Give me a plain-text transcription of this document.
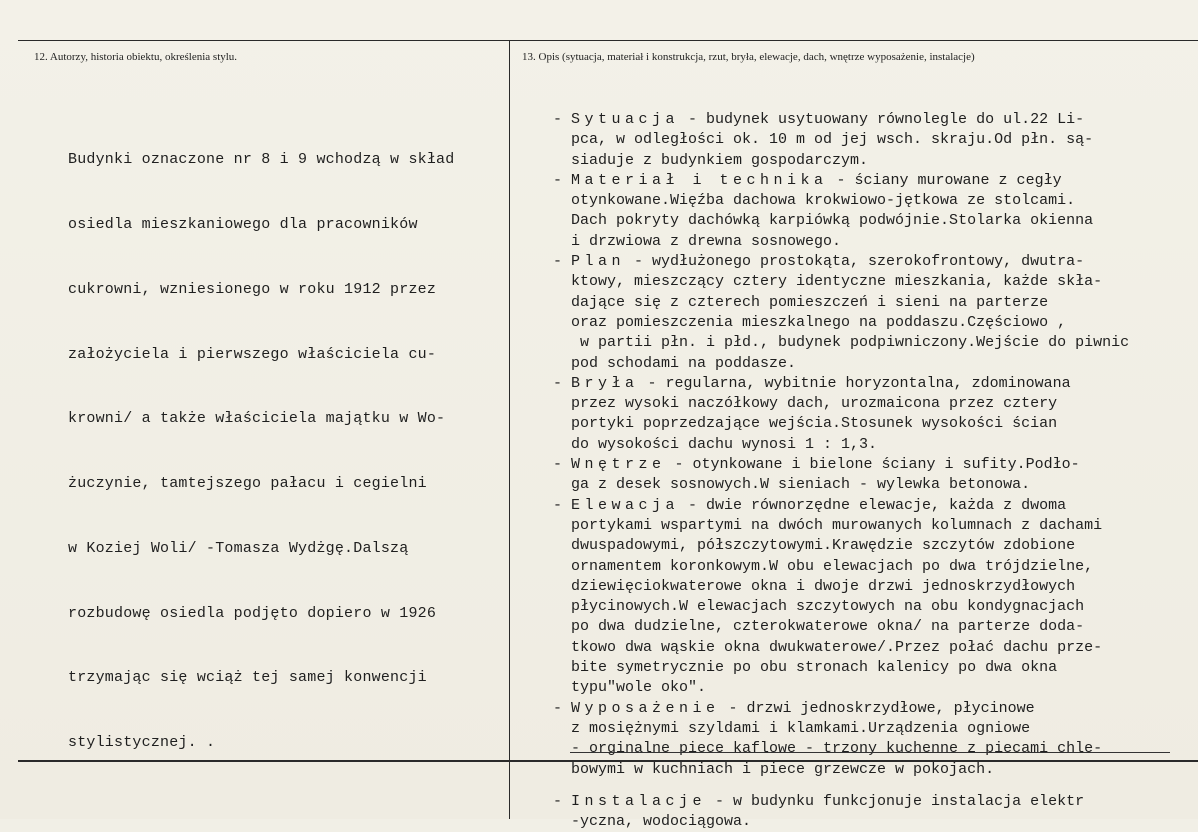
12. Autorzy, historia obiektu, określenia stylu.	13. Opis (sytuacja, materiał i konstrukcja, rzut, bryła, elewacje, dach, wnętrze wyposażenie, instalacje)

Budynki oznaczone nr 8 i 9 wchodzą w skład

osiedla mieszkaniowego dla pracowników

cukrowni, wzniesionego w roku 1912 przez

założyciela i pierwszego właściciela cu-

krowni/ a także właściciela majątku w Wo-

żuczynie, tamtejszego pałacu i cegielni

w Koziej Woli/ -Tomasza Wydżgę.Dalszą

rozbudowę osiedla podjęto dopiero w 1926

trzymając się wciąż tej samej konwencji

stylistycznej. .

- Sytuacja - budynek usytuowany równolegle do ul.22 Li-
pca, w odległości ok. 10 m od jej wsch. skraju.Od płn. są-
siaduje z budynkiem gospodarczym.
- Materiał i technika - ściany murowane z cegły
otynkowane.Więźba dachowa krokwiowo-jętkowa ze stolcami.
Dach pokryty dachówką karpiówką podwójnie.Stolarka okienna
i drzwiowa z drewna sosnowego.
- Plan - wydłużonego prostokąta, szerokofrontowy, dwutra-
ktowy, mieszczący cztery identyczne mieszkania, każde skła-
dające się z czterech pomieszczeń i sieni na parterze
oraz pomieszczenia mieszkalnego na poddaszu.Częściowo ,
w partii płn. i płd., budynek podpiwniczony.Wejście do piwnic
pod schodami na poddasze.
- Bryła - regularna, wybitnie horyzontalna, zdominowana
przez wysoki naczółkowy dach, urozmaicona przez cztery
portyki poprzedzające wejścia.Stosunek wysokości ścian
do wysokości dachu wynosi 1 : 1,3.
- Wnętrze - otynkowane i bielone ściany i sufity.Podło-
ga z desek sosnowych.W sieniach - wylewka betonowa.
- Elewacja - dwie równorzędne elewacje, każda z dwoma
portykami wspartymi na dwóch murowanych kolumnach z dachami
dwuspadowymi, półszczytowymi.Krawędzie szczytów zdobione
ornamentem koronkowym.W obu elewacjach po dwa trójdzielne,
dziewięciokwaterowe okna i dwoje drzwi jednoskrzydłowych
płycinowych.W elewacjach szczytowych na obu kondygnacjach
po dwa dudzielne, czterokwaterowe okna/ na parterze doda-
tkowo dwa wąskie okna dwukwaterowe/.Przez połać dachu prze-
bite symetrycznie po obu stronach kalenicy po dwa okna
typu"wole oko".
- Wyposażenie - drzwi jednoskrzydłowe, płycinowe
z mosiężnymi szyldami i klamkami.Urządzenia ogniowe
- orginalne piece kaflowe - trzony kuchenne z piecami chle-
bowymi w kuchniach i piece grzewcze w pokojach.
- Instalacje - w budynku funkcjonuje instalacja elektr
-yczna, wodociągowa.
